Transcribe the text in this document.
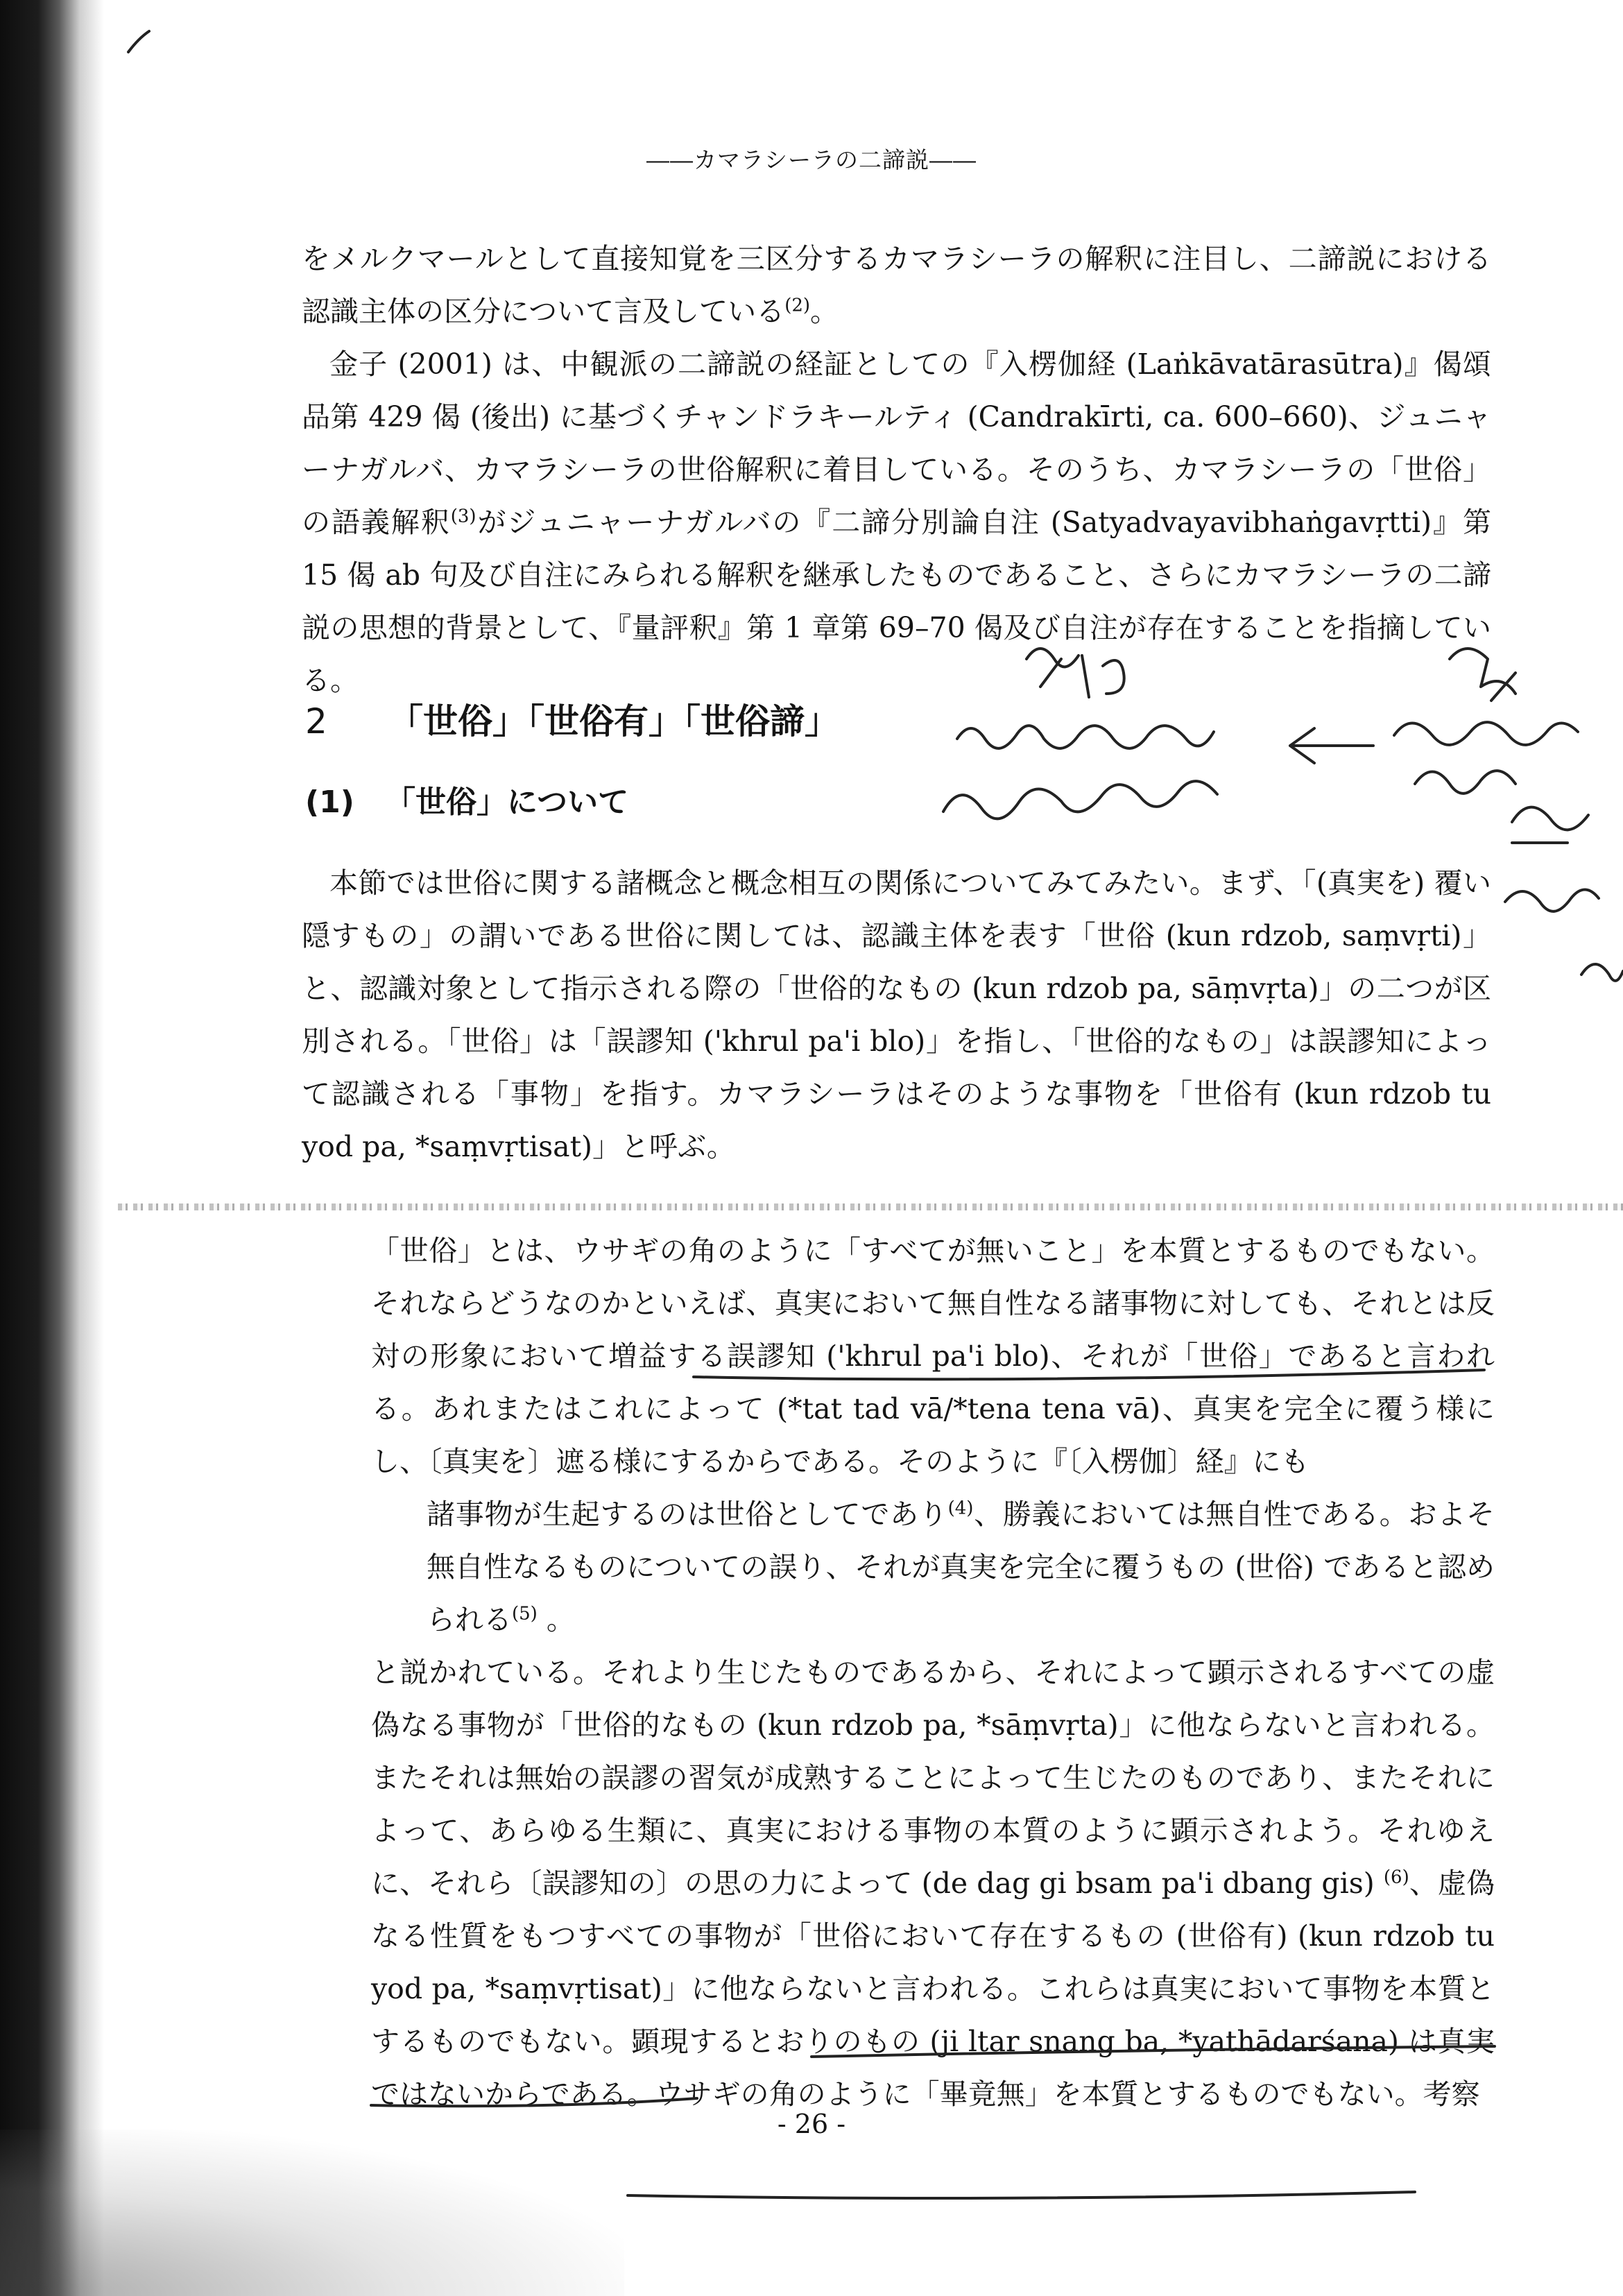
――カマラシーラの二諦説――

をメルクマールとして直接知覚を三区分するカマラシーラの解釈に注目し、二諦説における認識主体の区分について言及している$^{(2)}$。

金子 (2001) は、中観派の二諦説の経証としての『入楞伽経 (Laṅkāvatārasūtra)』偈頌品第 429 偈 (後出) に基づくチャンドラキールティ (Candrakīrti, ca. 600–660)、ジュニャーナガルバ、カマラシーラの世俗解釈に着目している。そのうち、カマラシーラの「世俗」の語義解釈$^{(3)}$がジュニャーナガルバの『二諦分別論自注 (Satyadvayavibhaṅgavṛtti)』第 15 偈 ab 句及び自注にみられる解釈を継承したものであること、さらにカマラシーラの二諦説の思想的背景として、『量評釈』第 1 章第 69–70 偈及び自注が存在することを指摘している。

2 「世俗」「世俗有」「世俗諦」
(1) 「世俗」について

本節では世俗に関する諸概念と概念相互の関係についてみてみたい。まず、「(真実を) 覆い隠すもの」の謂いである世俗に関しては、認識主体を表す「世俗 (kun rdzob, saṃvṛti)」と、認識対象として指示される際の「世俗的なもの (kun rdzob pa, sāṃvṛta)」の二つが区別される。「世俗」は「誤謬知 ('khrul pa'i blo)」を指し、「世俗的なもの」は誤謬知によって認識される「事物」を指す。カマラシーラはそのような事物を「世俗有 (kun rdzob tu yod pa, *saṃvṛtisat)」と呼ぶ。

「世俗」とは、ウサギの角のように「すべてが無いこと」を本質とするものでもない。それならどうなのかといえば、真実において無自性なる諸事物に対しても、それとは反対の形象において増益する誤謬知 ('khrul pa'i blo)、それが「世俗」であると言われる。あれまたはこれによって (*tat tad vā/*tena tena vā)、真実を完全に覆う様にし、〔真実を〕遮る様にするからである。そのように『〔入楞伽〕経』にも

諸事物が生起するのは世俗としてであり$^{(4)}$、勝義においては無自性である。およそ無自性なるものについての誤り、それが真実を完全に覆うもの (世俗) であると認められる$^{(5)}$ 。

と説かれている。それより生じたものであるから、それによって顕示されるすべての虚偽なる事物が「世俗的なもの (kun rdzob pa, *sāṃvṛta)」に他ならないと言われる。またそれは無始の誤謬の習気が成熟することによって生じたのものであり、またそれによって、あらゆる生類に、真実における事物の本質のように顕示されよう。それゆえに、それら〔誤謬知の〕の思の力によって (de dag gi bsam pa'i dbang gis) $^{(6)}$、虚偽なる性質をもつすべての事物が「世俗において存在するもの (世俗有) (kun rdzob tu yod pa, *saṃvṛtisat)」に他ならないと言われる。これらは真実において事物を本質とするものでもない。顕現するとおりのもの (ji ltar snang ba, *yathādarśana) は真実ではないからである。ウサギの角のように「畢竟無」を本質とするものでもない。考察

- 26 -
